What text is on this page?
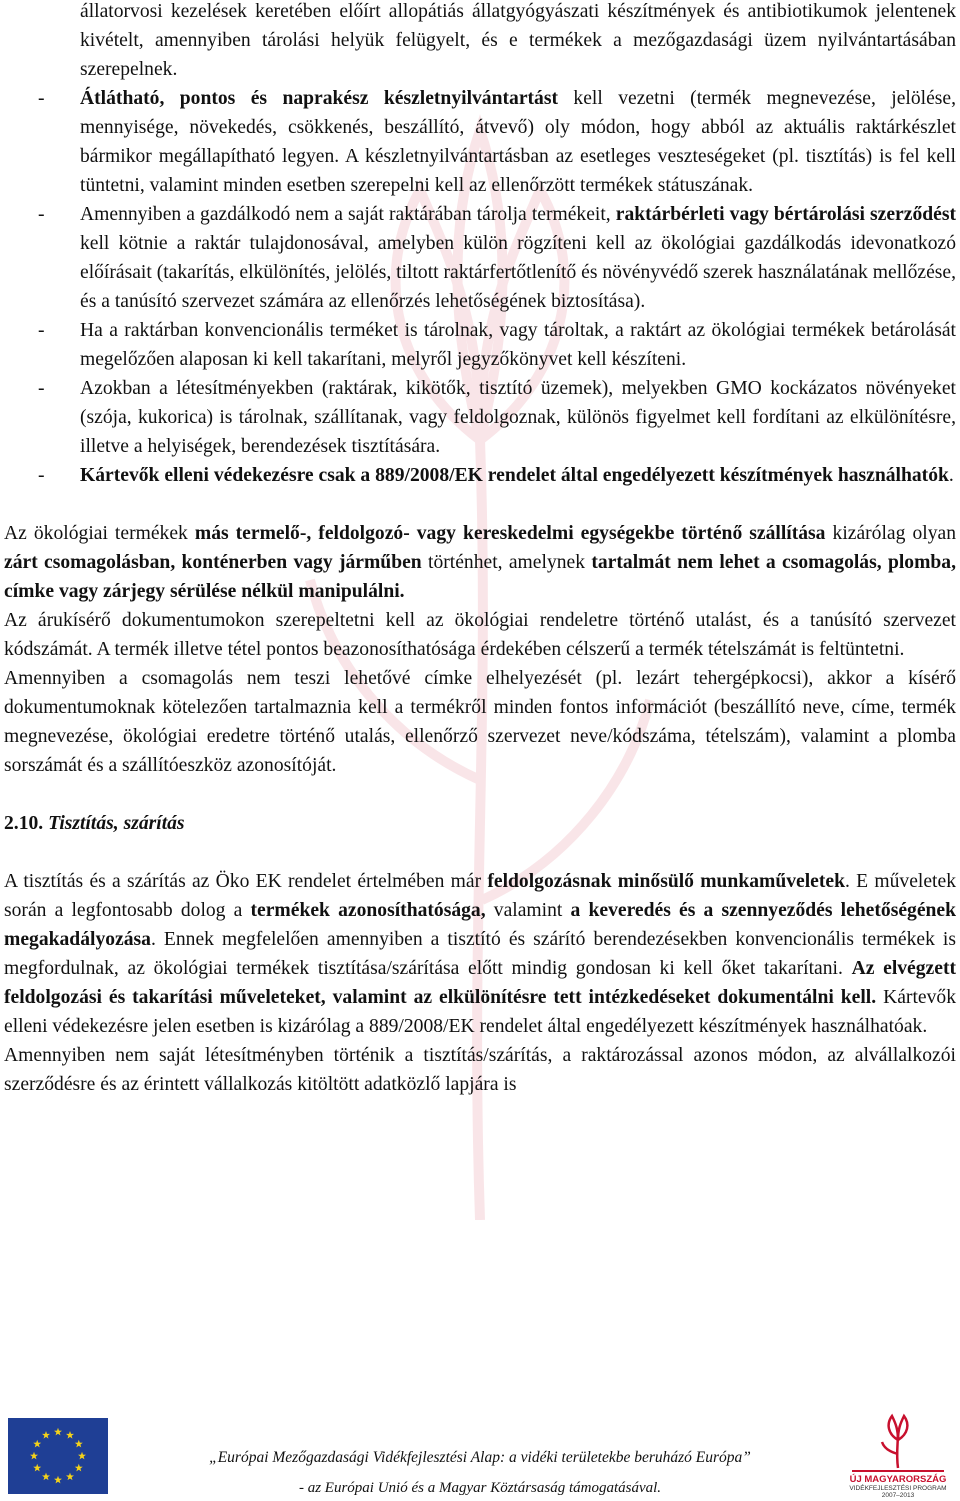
állatorvosi kezelések keretében előírt allopátiás állatgyógyászati készítmények és antibiotikumok jelentenek kivételt, amennyiben tárolási helyük felügyelt, és e termékek a mezőgazdasági üzem nyilvántartásában szerepelnek.

- Átlátható, pontos és naprakész készletnyilvántartást kell vezetni (termék megnevezése, jelölése, mennyisége, növekedés, csökkenés, beszállító, átvevő) oly módon, hogy abból az aktuális raktárkészlet bármikor megállapítható legyen. A készletnyilvántartásban az esetleges veszteségeket (pl. tisztítás) is fel kell tüntetni, valamint minden esetben szerepelni kell az ellenőrzött termékek státuszának.

- Amennyiben a gazdálkodó nem a saját raktárában tárolja termékeit, raktárbérleti vagy bértárolási szerződést kell kötnie a raktár tulajdonosával, amelyben külön rögzíteni kell az ökológiai gazdálkodás idevonatkozó előírásait (takarítás, elkülönítés, jelölés, tiltott raktárfertőtlenítő és növényvédő szerek használatának mellőzése, és a tanúsító szervezet számára az ellenőrzés lehetőségének biztosítása).

- Ha a raktárban konvencionális terméket is tárolnak, vagy tároltak, a raktárt az ökológiai termékek betárolását megelőzően alaposan ki kell takarítani, melyről jegyzőkönyvet kell készíteni.

- Azokban a létesítményekben (raktárak, kikötők, tisztító üzemek), melyekben GMO kockázatos növényeket (szója, kukorica) is tárolnak, szállítanak, vagy feldolgoznak, különös figyelmet kell fordítani az elkülönítésre, illetve a helyiségek, berendezések tisztítására.

- Kártevők elleni védekezésre csak a 889/2008/EK rendelet által engedélyezett készítmények használhatók.

Az ökológiai termékek más termelő-, feldolgozó- vagy kereskedelmi egységekbe történő szállítása kizárólag olyan zárt csomagolásban, konténerben vagy járműben történhet, amelynek tartalmát nem lehet a csomagolás, plomba, címke vagy zárjegy sérülése nélkül manipulálni.

Az árukísérő dokumentumokon szerepeltetni kell az ökológiai rendeletre történő utalást, és a tanúsító szervezet kódszámát. A termék illetve tétel pontos beazonosíthatósága érdekében célszerű a termék tételszámát is feltüntetni.

Amennyiben a csomagolás nem teszi lehetővé címke elhelyezését (pl. lezárt tehergépkocsi), akkor a kísérő dokumentumoknak kötelezően tartalmaznia kell a termékről minden fontos információt (beszállító neve, címe, termék megnevezése, ökológiai eredetre történő utalás, ellenőrző szervezet neve/kódszáma, tételszám), valamint a plomba sorszámát és a szállítóeszköz azonosítóját.

2.10. Tisztítás, szárítás

A tisztítás és a szárítás az Öko EK rendelet értelmében már feldolgozásnak minősülő munkaműveletek. E műveletek során a legfontosabb dolog a termékek azonosíthatósága, valamint a keveredés és a szennyeződés lehetőségének megakadályozása. Ennek megfelelően amennyiben a tisztító és szárító berendezésekben konvencionális termékek is megfordulnak, az ökológiai termékek tisztítása/szárítása előtt mindig gondosan ki kell őket takarítani. Az elvégzett feldolgozási és takarítási műveleteket, valamint az elkülönítésre tett intézkedéseket dokumentálni kell. Kártevők elleni védekezésre jelen esetben is kizárólag a 889/2008/EK rendelet által engedélyezett készítmények használhatóak.

Amennyiben nem saját létesítményben történik a tisztítás/szárítás, a raktározással azonos módon, az alvállalkozói szerződésre és az érintett vállalkozás kitöltött adatközlő lapjára is

„Európai Mezőgazdasági Vidékfejlesztési Alap: a vidéki területekbe beruházó Európa”
- az Európai Unió és a Magyar Köztársaság támogatásával.
ÚJ MAGYARORSZÁG
VIDÉKFEJLESZTÉSI PROGRAM
2007–2013
